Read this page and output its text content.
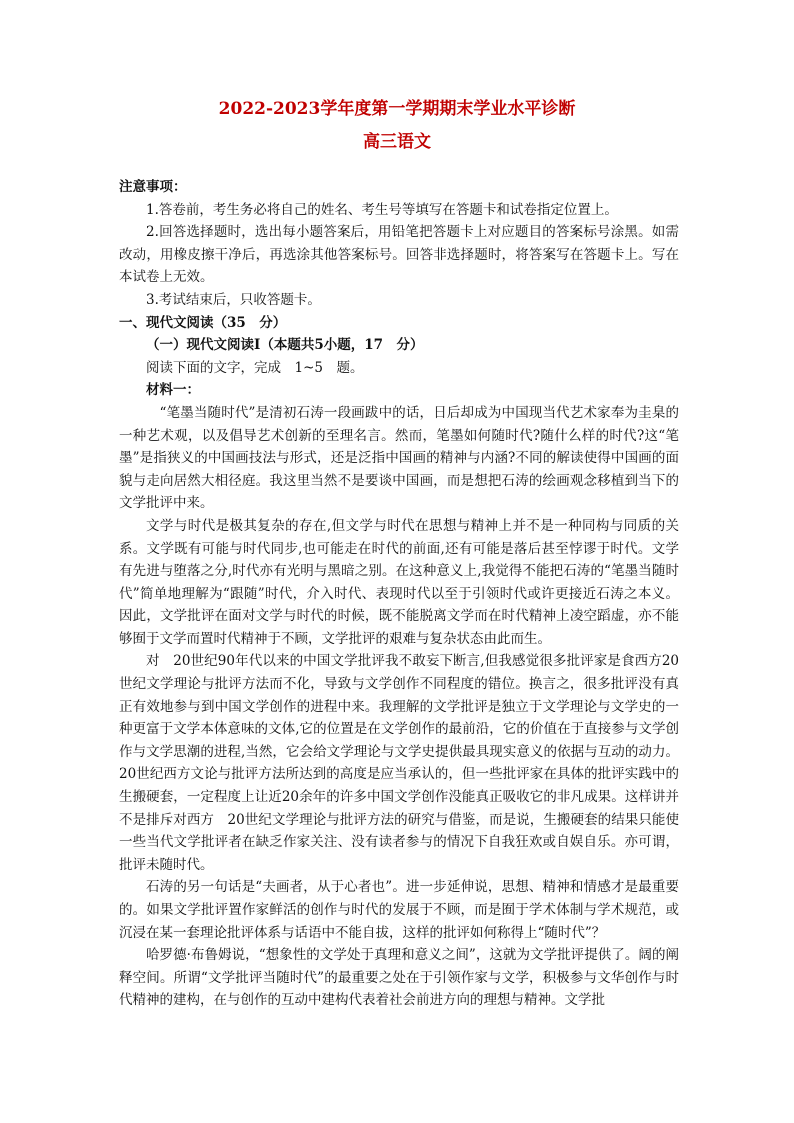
2022-2023学年度第一学期期末学业水平诊断
高三语文

注意事项：

1.答卷前，考生务必将自己的姓名、考生号等填写在答题卡和试卷指定位置上。

2.回答选择题时，选出每小题答案后，用铅笔把答题卡上对应题目的答案标号涂黑。如需改动，用橡皮擦干净后，再选涂其他答案标号。回答非选择题时，将答案写在答题卡上。写在本试卷上无效。

3.考试结束后，只收答题卡。

一、现代文阅读（35　分）

（一）现代文阅读Ⅰ（本题共5小题，17　分）

阅读下面的文字，完成　1~5　题。

材料一：

“笔墨当随时代”是清初石涛一段画跋中的话，日后却成为中国现当代艺术家奉为圭臬的一种艺术观，以及倡导艺术创新的至理名言。然而，笔墨如何随时代?随什么样的时代?这“笔墨”是指狭义的中国画技法与形式，还是泛指中国画的精神与内涵?不同的解读使得中国画的面貌与走向居然大相径庭。我这里当然不是要谈中国画，而是想把石涛的绘画观念移植到当下的文学批评中来。

文学与时代是极其复杂的存在,但文学与时代在思想与精神上并不是一种同构与同质的关系。文学既有可能与时代同步,也可能走在时代的前面,还有可能是落后甚至悖谬于时代。文学有先进与堕落之分,时代亦有光明与黑暗之别。在这种意义上,我觉得不能把石涛的“笔墨当随时代”简单地理解为“跟随”时代，介入时代、表现时代以至于引领时代或许更接近石涛之本义。因此，文学批评在面对文学与时代的时候，既不能脱离文学而在时代精神上凌空蹈虚，亦不能够囿于文学而置时代精神于不顾，文学批评的艰难与复杂状态由此而生。

对　20世纪90年代以来的中国文学批评我不敢妄下断言,但我感觉很多批评家是食西方20世纪文学理论与批评方法而不化，导致与文学创作不同程度的错位。换言之，很多批评没有真正有效地参与到中国文学创作的进程中来。我理解的文学批评是独立于文学理论与文学史的一种更富于文学本体意味的文体,它的位置是在文学创作的最前沿，它的价值在于直接参与文学创作与文学思潮的进程,当然，它会给文学理论与文学史提供最具现实意义的依据与互动的动力。20世纪西方文论与批评方法所达到的高度是应当承认的，但一些批评家在具体的批评实践中的生搬硬套，一定程度上让近20余年的许多中国文学创作没能真正吸收它的非凡成果。这样讲并不是排斥对西方　20世纪文学理论与批评方法的研究与借鉴，而是说，生搬硬套的结果只能使一些当代文学批评者在缺乏作家关注、没有读者参与的情况下自我狂欢或自娱自乐。亦可谓，批评未随时代。

石涛的另一句话是“夫画者，从于心者也”。进一步延伸说，思想、精神和情感才是最重要的。如果文学批评置作家鲜活的创作与时代的发展于不顾，而是囿于学术体制与学术规范，或沉浸在某一套理论批评体系与话语中不能自拔，这样的批评如何称得上“随时代”？

哈罗德·布鲁姆说，“想象性的文学处于真理和意义之间”，这就为文学批评提供了。阔的阐释空间。所谓“文学批评当随时代”的最重要之处在于引领作家与文学，积极参与文华创作与时代精神的建构，在与创作的互动中建构代表着社会前进方向的理想与精神。文学批
